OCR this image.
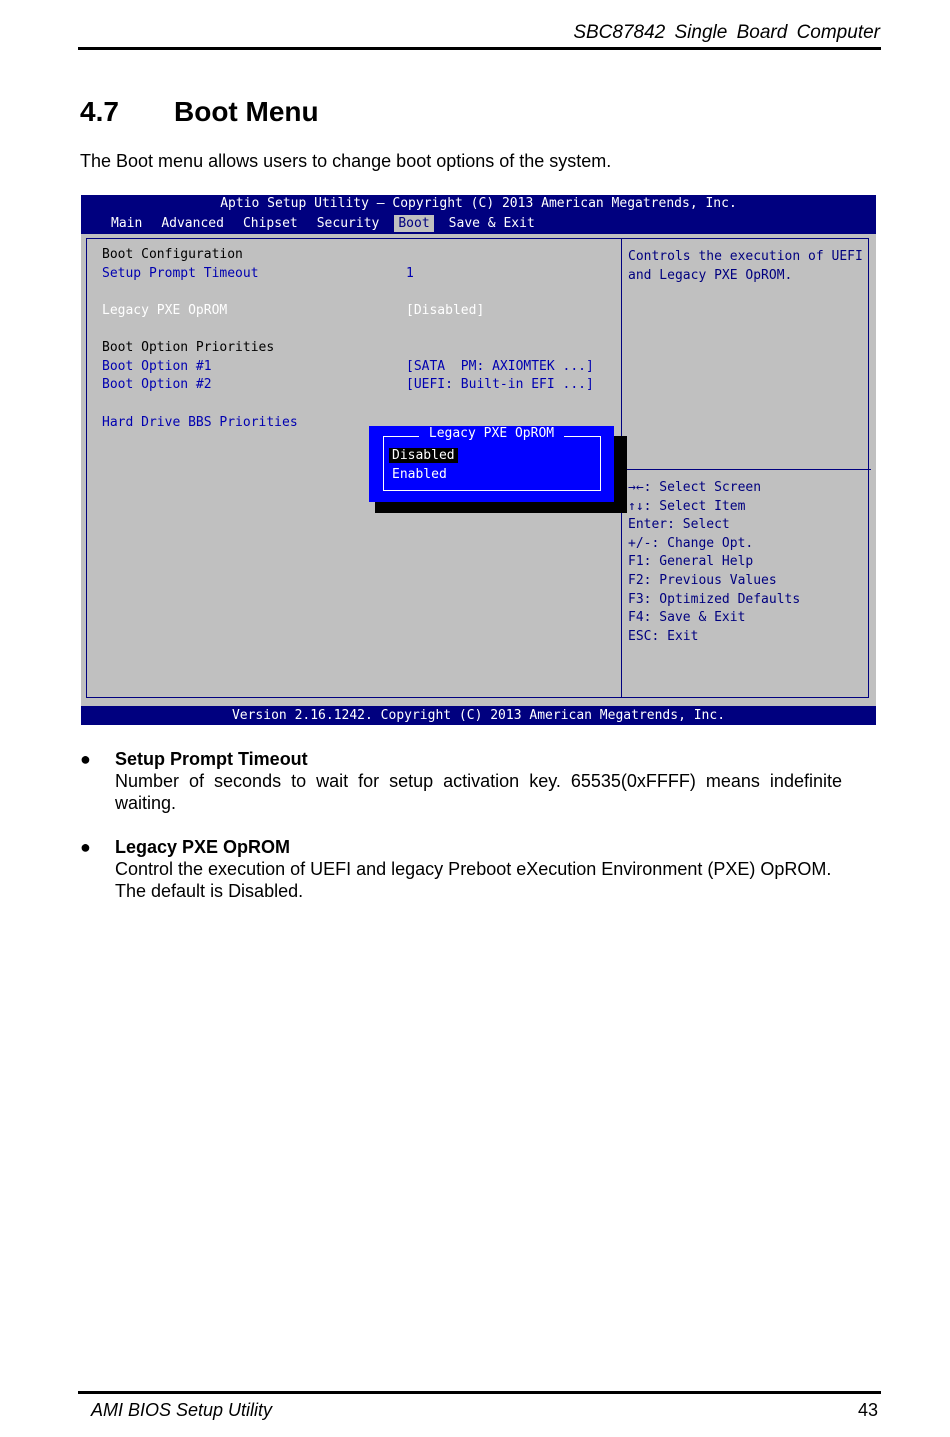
SBC87842 Single Board Computer
4.7 Boot Menu
The Boot menu allows users to change boot options of the system.
Aptio Setup Utility – Copyright (C) 2013 American Megatrends, Inc.
Main	Advanced	Chipset	Security	Boot	Save & Exit
Boot Configuration
Setup Prompt Timeout	1
Legacy PXE OpROM	[Disabled]
Boot Option Priorities
Boot Option #1	[SATA  PM: AXIOMTEK ...]
Boot Option #2	[UEFI: Built-in EFI ...]
Hard Drive BBS Priorities
Controls the execution of UEFI
and Legacy PXE OpROM.
→←: Select Screen
↑↓: Select Item
Enter: Select
+/-: Change Opt.
F1: General Help
F2: Previous Values
F3: Optimized Defaults
F4: Save & Exit
ESC: Exit
Legacy PXE OpROM
Disabled
Enabled
Version 2.16.1242. Copyright (C) 2013 American Megatrends, Inc.
● Setup Prompt Timeout
Number  of  seconds  to  wait  for  setup  activation  key.  65535(0xFFFF)  means  indefinite
waiting.
● Legacy PXE OpROM
Control the execution of UEFI and legacy Preboot eXecution Environment (PXE) OpROM.
The default is Disabled.
AMI BIOS Setup Utility	43
